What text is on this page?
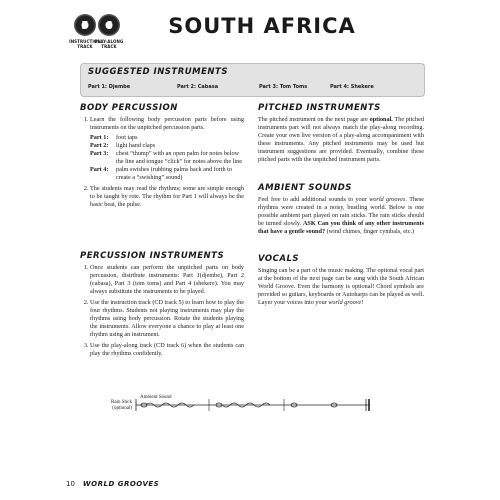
5 6
INSTRUCTION TRACK
PLAY-ALONG TRACK
SOUTH AFRICA
SUGGESTED INSTRUMENTS
Part 1: Djembe	Part 2: Cabasa	Part 3: Tom Toms	Part 4: Shekere
BODY PERCUSSION
1. Learn the following body percussion parts before using instruments on the unpitched percussion parts.
Part 1:	foot taps
Part 2:	light hand claps
Part 3:	chest “thump” with an open palm for notes below the line and tongue “click” for notes above the line
Part 4:	palm swishes (rubbing palms back and forth to create a “swishing” sound)
2. The students may read the rhythms; some are simple enough to be taught by rote. The rhythm for Part 1 will always be the basic beat, the pulse.
PERCUSSION INSTRUMENTS
1. Once students can perform the unpitched parts on body percussion, distribute instruments: Part 1(djembe), Part 2 (cabasa), Part 3 (tom toms) and Part 4 (shekere). You may always substitute the instruments to be played.
2. Use the instruction track (CD track 5) to learn how to play the four rhythms. Students not playing instruments may play the rhythms using body percussion. Rotate the students playing the instruments. Allow everyone a chance to play at least one rhythm using an instrument.
3. Use the play-along track (CD track 6) when the students can play the rhythms confidently.
PITCHED INSTRUMENTS

The pitched instrument on the next page are optional. The pitched instruments part will not always match the play-along recording. Create your own live version of a play-along accompaniment with these instruments. Any pitched instruments may be used but instrument suggestions are provided. Eventually, combine these pitched parts with the unpitched instrument parts.

AMBIENT SOUNDS

Feel free to add additional sounds to your world grooves. These rhythms were created in a noisy, bustling world. Below is one possible ambient part played on rain sticks. The rain sticks should be turned slowly. ASK Can you think of any other instruments that have a gentle sound? (wind chimes, finger cymbals, etc.)

VOCALS

Singing can be a part of the music making. The optional vocal part at the bottom of the next page can be sung with the South African World Groove. Even the harmony is optional! Chord symbols are provided so guitars, keyboards or Autoharps can be played as well. Layer your voices into your world groove!

Ambient Sound
Rain Stick
(optional)
10 WORLD GROOVES
